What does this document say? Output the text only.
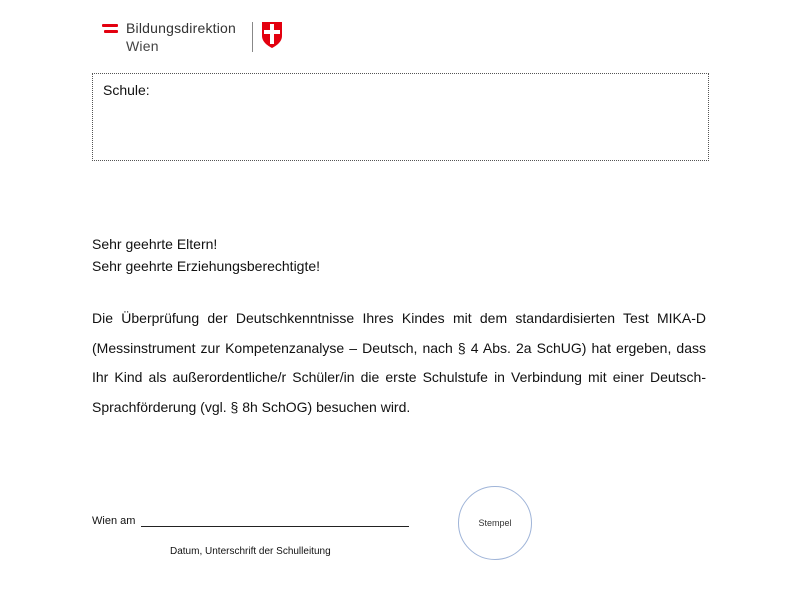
Bildungsdirektion
Wien
Schule:
Sehr geehrte Eltern!
Sehr geehrte Erziehungsberechtigte!
Die Überprüfung der Deutschkenntnisse Ihres Kindes mit dem standardisierten Test MIKA-D
(Messinstrument zur Kompetenzanalyse – Deutsch, nach § 4 Abs. 2a SchUG) hat ergeben, dass
Ihr Kind als außerordentliche/r Schüler/in die erste Schulstufe in Verbindung mit einer Deutsch-
Sprachförderung (vgl. § 8h SchOG) besuchen wird.
Wien am
Datum, Unterschrift der Schulleitung
Stempel
